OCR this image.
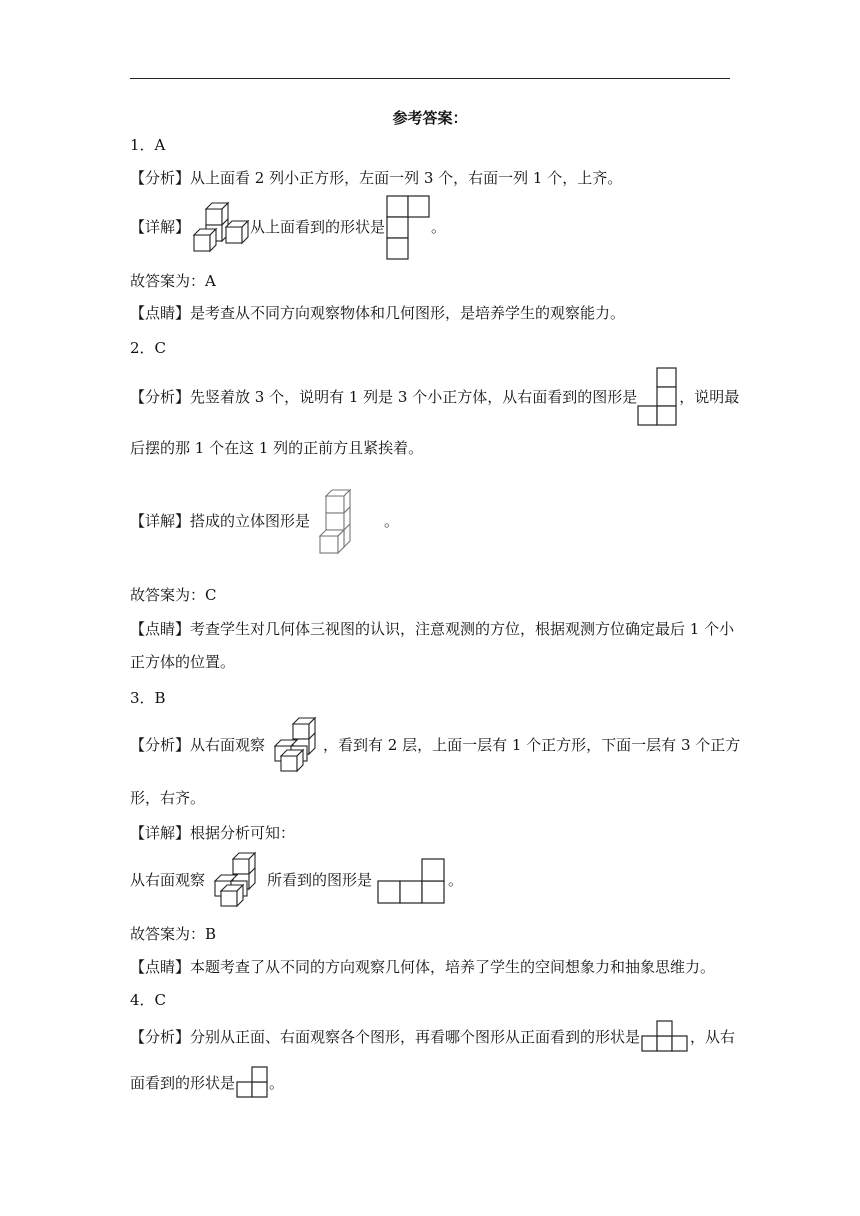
参考答案：
1．A
【分析】从上面看 2 列小正方形，左面一列 3 个，右面一列 1 个，上齐。
【详解】	从上面看到的形状是	。
故答案为：A
【点睛】是考查从不同方向观察物体和几何图形，是培养学生的观察能力。
2．C
【分析】先竖着放 3 个，说明有 1 列是 3 个小正方体，从右面看到的图形是	，说明最
后摆的那 1 个在这 1 列的正前方且紧挨着。
【详解】搭成的立体图形是	。
故答案为：C
【点睛】考查学生对几何体三视图的认识，注意观测的方位，根据观测方位确定最后 1 个小
正方体的位置。
3．B
【分析】从右面观察	，看到有 2 层，上面一层有 1 个正方形，下面一层有 3 个正方
形，右齐。
【详解】根据分析可知：
从右面观察	所看到的图形是	。
故答案为：B
【点睛】本题考查了从不同的方向观察几何体，培养了学生的空间想象力和抽象思维力。
4．C
【分析】分别从正面、右面观察各个图形，再看哪个图形从正面看到的形状是	，从右
面看到的形状是 。
